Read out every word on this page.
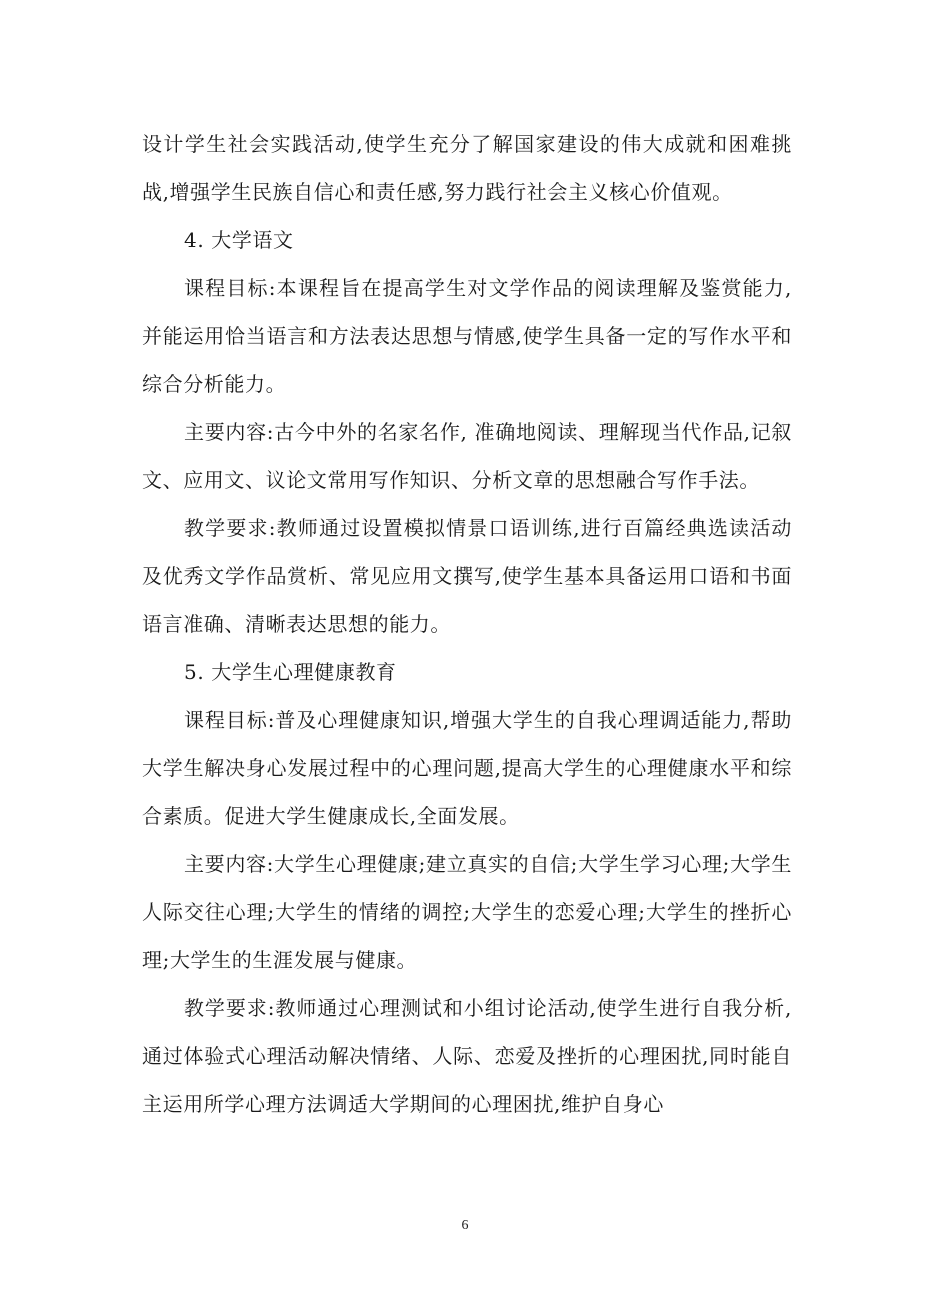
设计学生社会实践活动,使学生充分了解国家建设的伟大成就和困难挑战,增强学生民族自信心和责任感,努力践行社会主义核心价值观。

4. 大学语文

课程目标:本课程旨在提高学生对文学作品的阅读理解及鉴赏能力,并能运用恰当语言和方法表达思想与情感,使学生具备一定的写作水平和综合分析能力。

主要内容:古今中外的名家名作, 准确地阅读、理解现当代作品,记叙文、应用文、议论文常用写作知识、分析文章的思想融合写作手法。

教学要求:教师通过设置模拟情景口语训练,进行百篇经典选读活动及优秀文学作品赏析、常见应用文撰写,使学生基本具备运用口语和书面语言准确、清晰表达思想的能力。

5. 大学生心理健康教育

课程目标:普及心理健康知识,增强大学生的自我心理调适能力,帮助大学生解决身心发展过程中的心理问题,提高大学生的心理健康水平和综合素质。促进大学生健康成长,全面发展。

主要内容:大学生心理健康;建立真实的自信;大学生学习心理;大学生人际交往心理;大学生的情绪的调控;大学生的恋爱心理;大学生的挫折心理;大学生的生涯发展与健康。

教学要求:教师通过心理测试和小组讨论活动,使学生进行自我分析,通过体验式心理活动解决情绪、人际、恋爱及挫折的心理困扰,同时能自主运用所学心理方法调适大学期间的心理困扰,维护自身心

6
